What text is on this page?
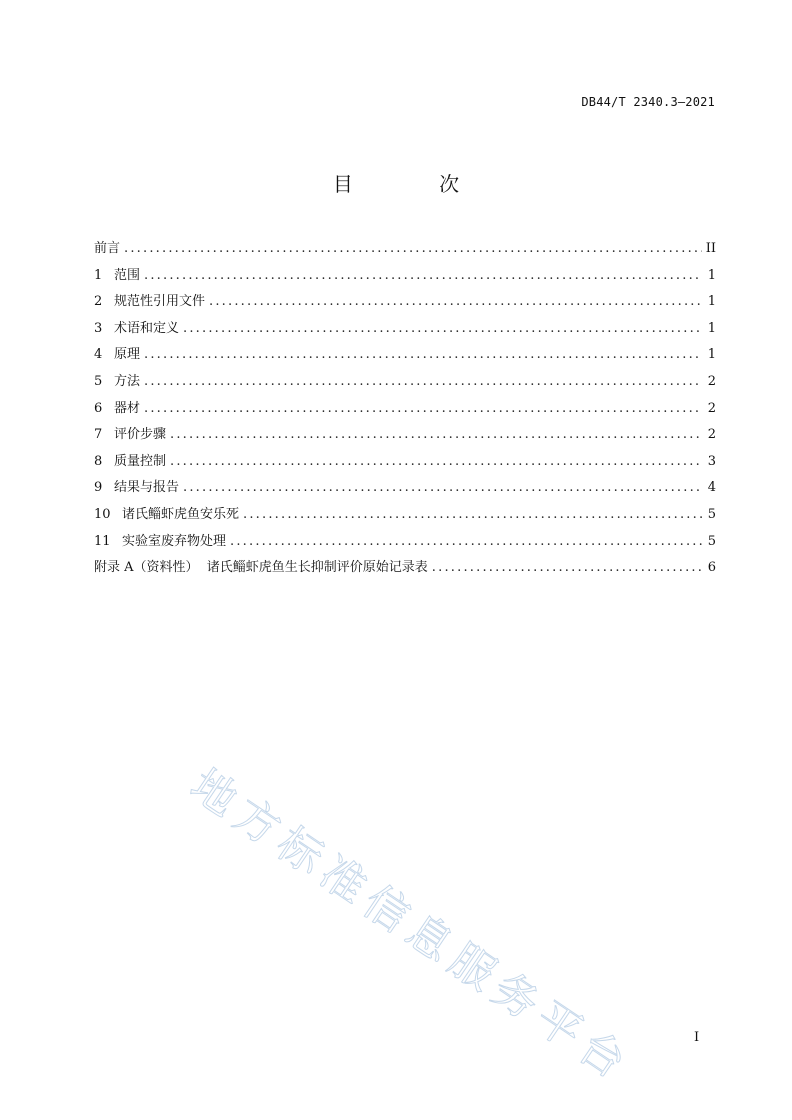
DB44/T 2340.3—2021
目 次
前言 .....	II
1 范围 .....	1
2 规范性引用文件 .....	1
3 术语和定义 .....	1
4 原理 .....	1
5 方法 .....	2
6 器材 .....	2
7 评价步骤 .....	2
8 质量控制 .....	3
9 结果与报告 .....	4
10 诸氏鲻虾虎鱼安乐死 .....	5
11 实验室废弃物处理 .....	5
附录 A（资料性）  诸氏鲻虾虎鱼生长抑制评价原始记录表 .....	6
地方标准信息服务平台	I
